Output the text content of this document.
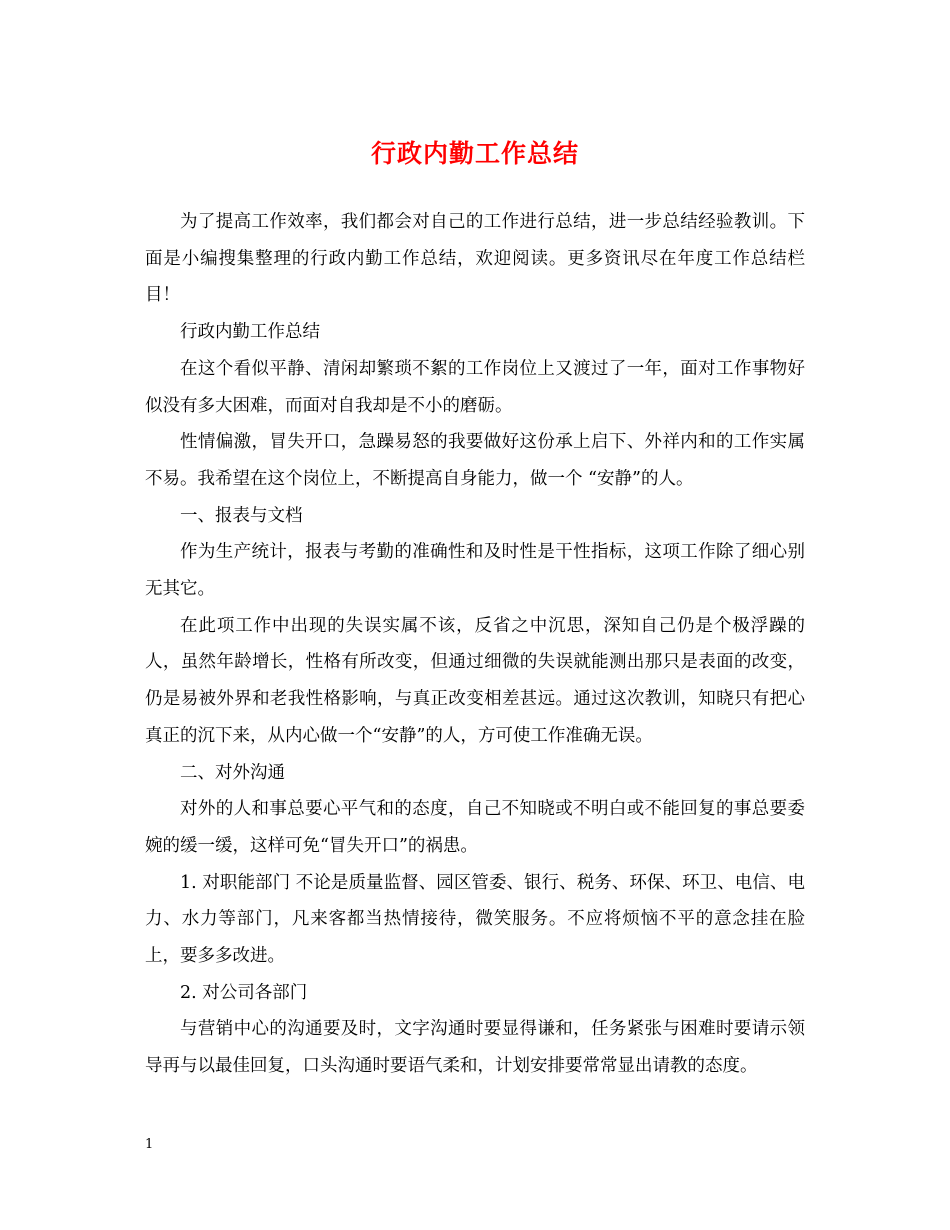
行政内勤工作总结

为了提高工作效率，我们都会对自己的工作进行总结，进一步总结经验教训。下面是小编搜集整理的行政内勤工作总结，欢迎阅读。更多资讯尽在年度工作总结栏目！

行政内勤工作总结

在这个看似平静、清闲却繁琐不絮的工作岗位上又渡过了一年，面对工作事物好似没有多大困难，而面对自我却是不小的磨砺。

性情偏激，冒失开口，急躁易怒的我要做好这份承上启下、外祥内和的工作实属不易。我希望在这个岗位上，不断提高自身能力，做一个 “安静”的人。

一、报表与文档

作为生产统计，报表与考勤的准确性和及时性是干性指标，这项工作除了细心别无其它。

在此项工作中出现的失误实属不该，反省之中沉思，深知自己仍是个极浮躁的人，虽然年龄增长，性格有所改变，但通过细微的失误就能测出那只是表面的改变，仍是易被外界和老我性格影响，与真正改变相差甚远。通过这次教训，知晓只有把心真正的沉下来，从内心做一个“安静”的人，方可使工作准确无误。

二、对外沟通

对外的人和事总要心平气和的态度，自己不知晓或不明白或不能回复的事总要委婉的缓一缓，这样可免“冒失开口”的祸患。

1. 对职能部门 不论是质量监督、园区管委、银行、税务、环保、环卫、电信、电力、水力等部门，凡来客都当热情接待，微笑服务。不应将烦恼不平的意念挂在脸上，要多多改进。

2. 对公司各部门

与营销中心的沟通要及时，文字沟通时要显得谦和，任务紧张与困难时要请示领导再与以最佳回复，口头沟通时要语气柔和，计划安排要常常显出请教的态度。

1
